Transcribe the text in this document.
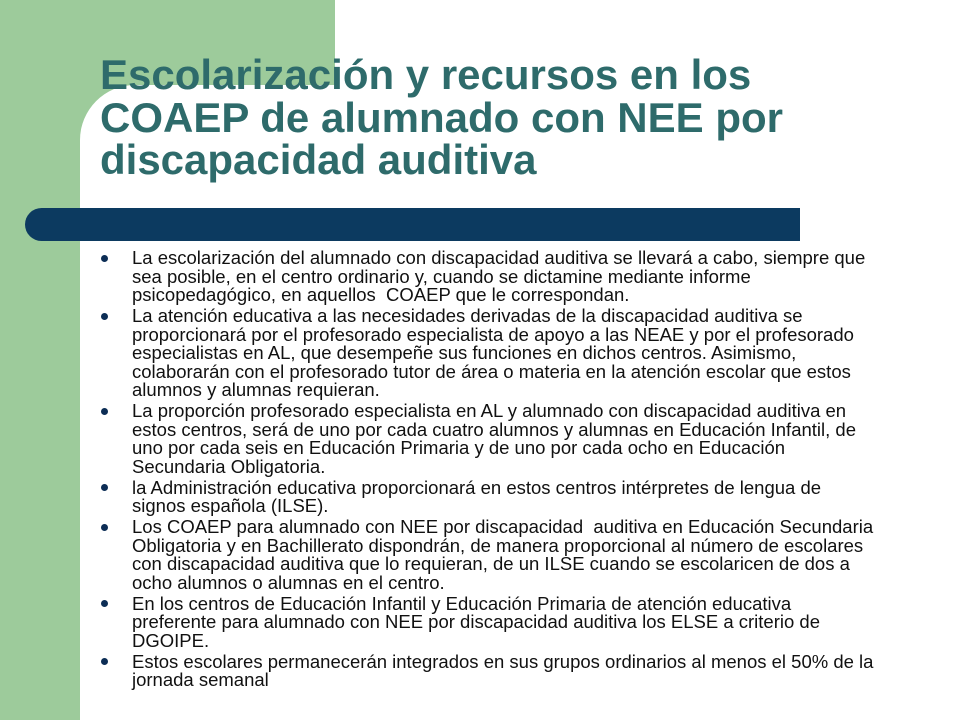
Escolarización y recursos en los
COAEP de alumnado con NEE por
discapacidad auditiva
La escolarización del alumnado con discapacidad auditiva se llevará a cabo, siempre que
sea posible, en el centro ordinario y, cuando se dictamine mediante informe
psicopedagógico, en aquellos  COAEP que le correspondan.
La atención educativa a las necesidades derivadas de la discapacidad auditiva se
proporcionará por el profesorado especialista de apoyo a las NEAE y por el profesorado
especialistas en AL, que desempeñe sus funciones en dichos centros. Asimismo,
colaborarán con el profesorado tutor de área o materia en la atención escolar que estos
alumnos y alumnas requieran.
La proporción profesorado especialista en AL y alumnado con discapacidad auditiva en
estos centros, será de uno por cada cuatro alumnos y alumnas en Educación Infantil, de
uno por cada seis en Educación Primaria y de uno por cada ocho en Educación
Secundaria Obligatoria.
la Administración educativa proporcionará en estos centros intérpretes de lengua de
signos española (ILSE).
Los COAEP para alumnado con NEE por discapacidad  auditiva en Educación Secundaria
Obligatoria y en Bachillerato dispondrán, de manera proporcional al número de escolares
con discapacidad auditiva que lo requieran, de un ILSE cuando se escolaricen de dos a
ocho alumnos o alumnas en el centro.
En los centros de Educación Infantil y Educación Primaria de atención educativa
preferente para alumnado con NEE por discapacidad auditiva los ELSE a criterio de
DGOIPE.
Estos escolares permanecerán integrados en sus grupos ordinarios al menos el 50% de la
jornada semanal
